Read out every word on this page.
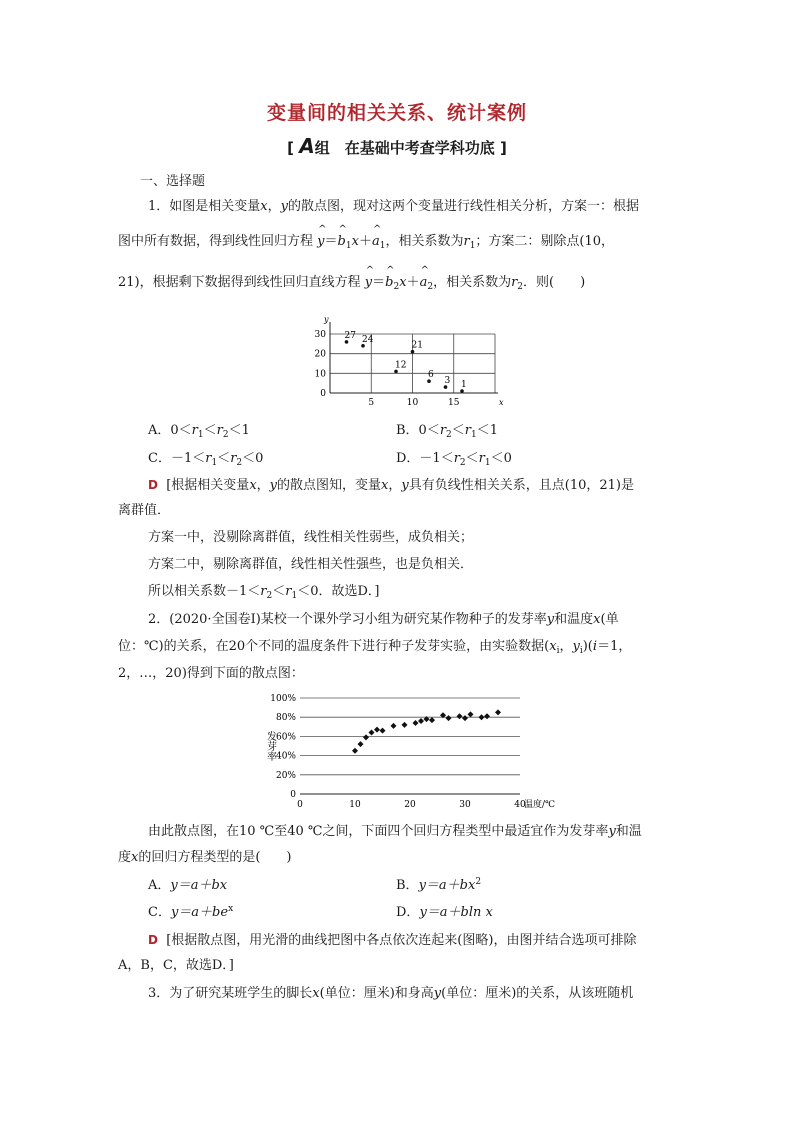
变量间的相关关系、统计案例
[ A组　在基础中考查学科功底 ]
一、选择题
1．如图是相关变量x，y的散点图，现对这两个变量进行线性相关分析，方案一：根据
图中所有数据，得到线性回归方程 ^ y＝^ $b_1x+\^{}$ $a_1$，相关系数为$r_1$；方案二：剔除点(10，
21)，根据剩下数据得到线性回归直线方程 ^ y＝^ $b_2x+\^{}$ $a_2$，相关系数为$r_2$．则(　　)
y
x
0
10
20
30
5	10	15
27 24
12
21
6
3 1
A．$0<r_1<r_2<1$	B．$0<r_2<r_1<1$
C．$-1<r_1<r_2<0$	D．$-1<r_2<r_1<0$
D [根据相关变量x，y的散点图知，变量x，y具有负线性相关关系，且点(10，21)是
离群值．
方案一中，没剔除离群值，线性相关性弱些，成负相关；
方案二中，剔除离群值，线性相关性强些，也是负相关．
所以相关系数$-1<r_2<r_1<0$．故选D．]
2．(2020·全国卷Ⅰ)某校一个课外学习小组为研究某作物种子的发芽率y和温度x(单
位：℃)的关系，在20个不同的温度条件下进行种子发芽实验，由实验数据($x_i$，$y_i)(i=1$，
2，…，20)得到下面的散点图：
0
20%
40%
60%
80%
100%
0	10	20	30	40
温度/℃
发芽率
由此散点图，在10 ℃至40 ℃之间，下面四个回归方程类型中最适宜作为发芽率y和温
度x的回归方程类型的是(　　)
A．y＝a＋bx	B．$y=a+bx^2$
C．$y=a+be^x$	D．y＝a＋bln x
D [根据散点图，用光滑的曲线把图中各点依次连起来(图略)，由图并结合选项可排除
A，B，C，故选D．]
3．为了研究某班学生的脚长x(单位：厘米)和身高y(单位：厘米)的关系，从该班随机
